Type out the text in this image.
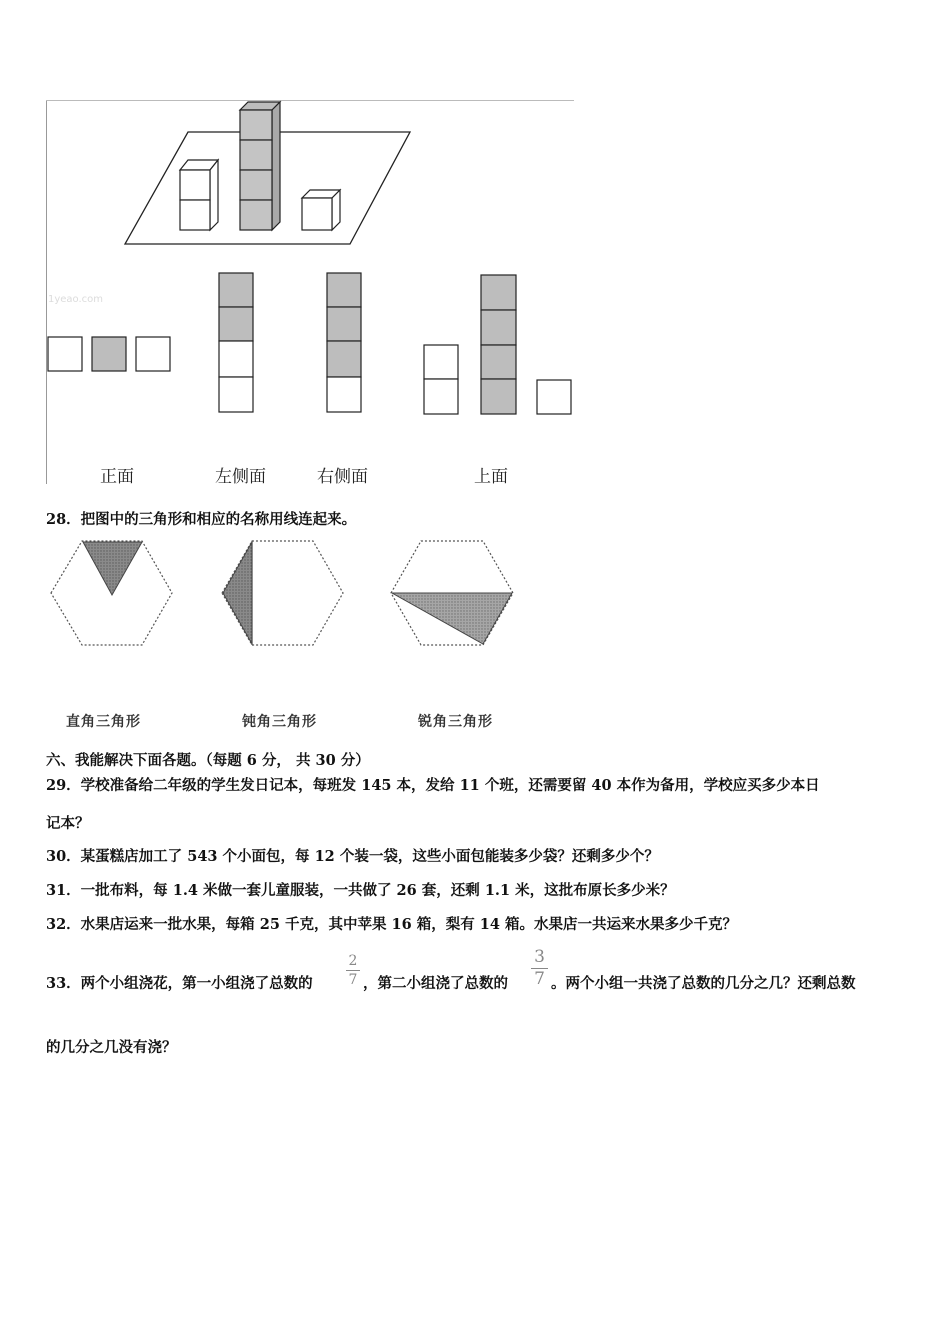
1yeao.com
正面	左侧面	右侧面	上面
28．把图中的三角形和相应的名称用线连起来。
直角三角形	钝角三角形	锐角三角形
六、我能解决下面各题。（每题 6 分， 共 30 分）
29．学校准备给二年级的学生发日记本，每班发 145 本，发给 11 个班，还需要留 40 本作为备用，学校应买多少本日
记本？
30．某蛋糕店加工了 543 个小面包，每 12 个装一袋，这些小面包能装多少袋？还剩多少个？
31．一批布料，每 1.4 米做一套儿童服装，一共做了 26 套，还剩 1.1 米，这批布原长多少米？
32．水果店运来一批水果，每箱 25 千克，其中苹果 16 箱，梨有 14 箱。水果店一共运来水果多少千克？
33．两个小组浇花，第一小组浇了总数的
2
7 ，第二小组浇了总数的
3
7 。两个小组一共浇了总数的几分之几？还剩总数
的几分之几没有浇？
